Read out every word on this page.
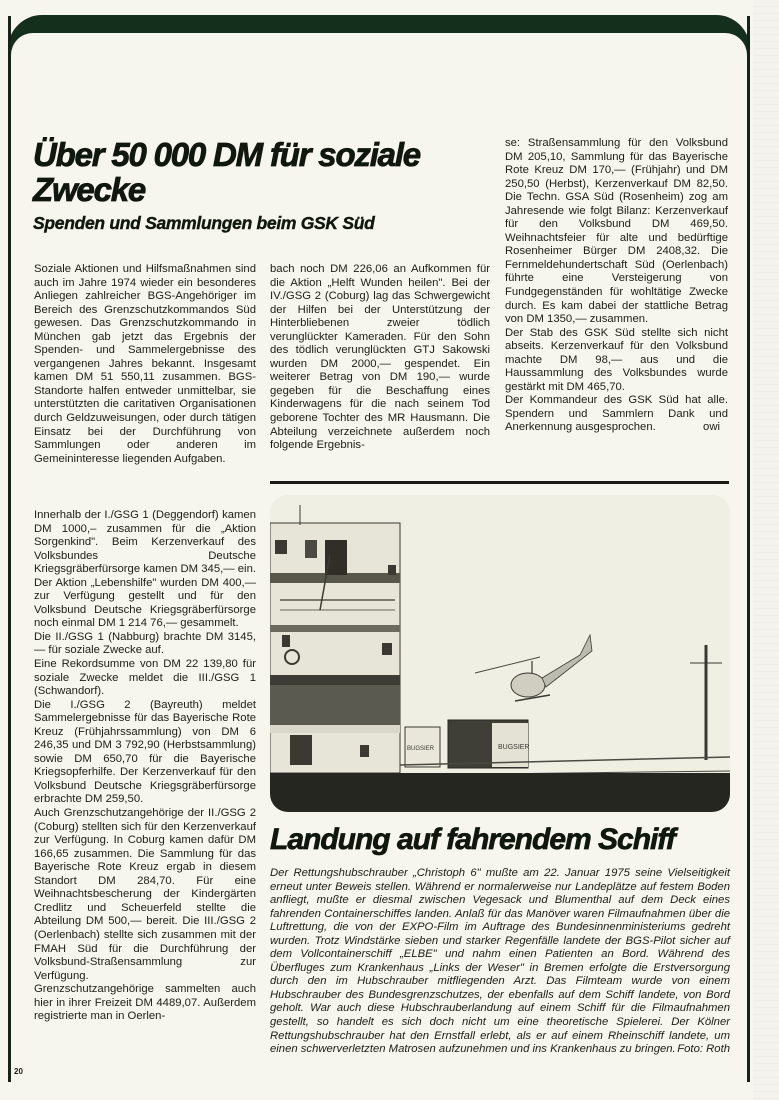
Über 50 000 DM für soziale Zwecke
Spenden und Sammlungen beim GSK Süd

Soziale Aktionen und Hilfsmaßnahmen sind auch im Jahre 1974 wieder ein besonderes Anliegen zahlreicher BGS-Angehöriger im Bereich des Grenzschutzkommandos Süd gewesen. Das Grenzschutzkommando in München gab jetzt das Ergebnis der Spenden- und Sammelergebnisse des vergangenen Jahres bekannt. Insgesamt kamen DM 51 550,11 zusammen. BGS-Standorte halfen entweder unmittelbar, sie unterstützten die caritativen Organisationen durch Geldzuweisungen, oder durch tätigen Einsatz bei der Durchführung von Sammlungen oder anderen im Gemeininteresse liegenden Aufgaben.

bach noch DM 226,06 an Aufkommen für die Aktion „Helft Wunden heilen". Bei der IV./GSG 2 (Coburg) lag das Schwergewicht der Hilfen bei der Unterstützung der Hinterbliebenen zweier tödlich verunglückter Kameraden. Für den Sohn des tödlich verunglückten GTJ Sakowski wurden DM 2000,— gespendet. Ein weiterer Betrag von DM 190,— wurde gegeben für die Beschaffung eines Kinderwagens für die nach seinem Tod geborene Tochter des MR Hausmann. Die Abteilung verzeichnete außerdem noch folgende Ergebnis-

se: Straßensammlung für den Volksbund DM 205,10, Sammlung für das Bayerische Rote Kreuz DM 170,— (Frühjahr) und DM 250,50 (Herbst), Kerzenverkauf DM 82,50. Die Techn. GSA Süd (Rosenheim) zog am Jahresende wie folgt Bilanz: Kerzenverkauf für den Volksbund DM 469,50. Weihnachtsfeier für alte und bedürftige Rosenheimer Bürger DM 2408,32. Die Fernmeldehundertschaft Süd (Oerlenbach) führte eine Versteigerung von Fundgegenständen für wohltätige Zwecke durch. Es kam dabei der stattliche Betrag von DM 1350,— zusammen.

Der Stab des GSK Süd stellte sich nicht abseits. Kerzenverkauf für den Volksbund machte DM 98,— aus und die Haussammlung des Volksbundes wurde gestärkt mit DM 465,70.

Der Kommandeur des GSK Süd hat alle. Spendern und Sammlern Dank und Anerkennung ausgesprochen.	owi

Innerhalb der I./GSG 1 (Deggendorf) kamen DM 1000,– zusammen für die „Aktion Sorgenkind". Beim Kerzenverkauf des Volksbundes Deutsche Kriegsgräberfürsorge kamen DM 345,— ein. Der Aktion „Lebenshilfe" wurden DM 400,— zur Verfügung gestellt und für den Volksbund Deutsche Kriegsgräberfürsorge noch einmal DM 1 214 76,— gesammelt.

Die II./GSG 1 (Nabburg) brachte DM 3145,— für soziale Zwecke auf.

Eine Rekordsumme von DM 22 139,80 für soziale Zwecke meldet die III./GSG 1 (Schwandorf).

Die I./GSG 2 (Bayreuth) meldet Sammelergebnisse für das Bayerische Rote Kreuz (Frühjahrssammlung) von DM 6 246,35 und DM 3 792,90 (Herbstsammlung) sowie DM 650,70 für die Bayerische Kriegsopferhilfe. Der Kerzenverkauf für den Volksbund Deutsche Kriegsgräberfürsorge erbrachte DM 259,50.

Auch Grenzschutzangehörige der II./GSG 2 (Coburg) stellten sich für den Kerzenverkauf zur Verfügung. In Coburg kamen dafür DM 166,65 zusammen. Die Sammlung für das Bayerische Rote Kreuz ergab in diesem Standort DM 284,70. Für eine Weihnachtsbescherung der Kindergärten Credlitz und Scheuerfeld stellte die Abteilung DM 500,— bereit. Die III./GSG 2 (Oerlenbach) stellte sich zusammen mit der FMAH Süd für die Durchführung der Volksbund-Straßensammlung zur Verfügung.

Grenzschutzangehörige sammelten auch hier in ihrer Freizeit DM 4489,07. Außerdem registrierte man in Oerlen-

BUGSIER
BUGSIER
Landung auf fahrendem Schiff
Der Rettungshubschrauber „Christoph 6" mußte am 22. Januar 1975 seine Vielseitigkeit erneut unter Beweis stellen. Während er normalerweise nur Landeplätze auf festem Boden anfliegt, mußte er diesmal zwischen Vegesack und Blumenthal auf dem Deck eines fahrenden Containerschiffes landen. Anlaß für das Manöver waren Filmaufnahmen über die Luftrettung, die von der EXPO-Film im Auftrage des Bundesinnenministeriums gedreht wurden. Trotz Windstärke sieben und starker Regenfälle landete der BGS-Pilot sicher auf dem Vollcontainerschiff „ELBE" und nahm einen Patienten an Bord. Während des Überfluges zum Krankenhaus „Links der Weser" in Bremen erfolgte die Erstversorgung durch den im Hubschrauber mitfliegenden Arzt. Das Filmteam wurde von einem Hubschrauber des Bundesgrenzschutzes, der ebenfalls auf dem Schiff landete, von Bord geholt. War auch diese Hubschrauberlandung auf einem Schiff für die Filmaufnahmen gestellt, so handelt es sich doch nicht um eine theoretische Spielerei. Der Kölner Rettungshubschrauber hat den Ernstfall erlebt, als er auf einem Rheinschiff landete, um einen schwerverletzten Matrosen aufzunehmen und ins Krankenhaus zu bringen. Foto: Roth
20
